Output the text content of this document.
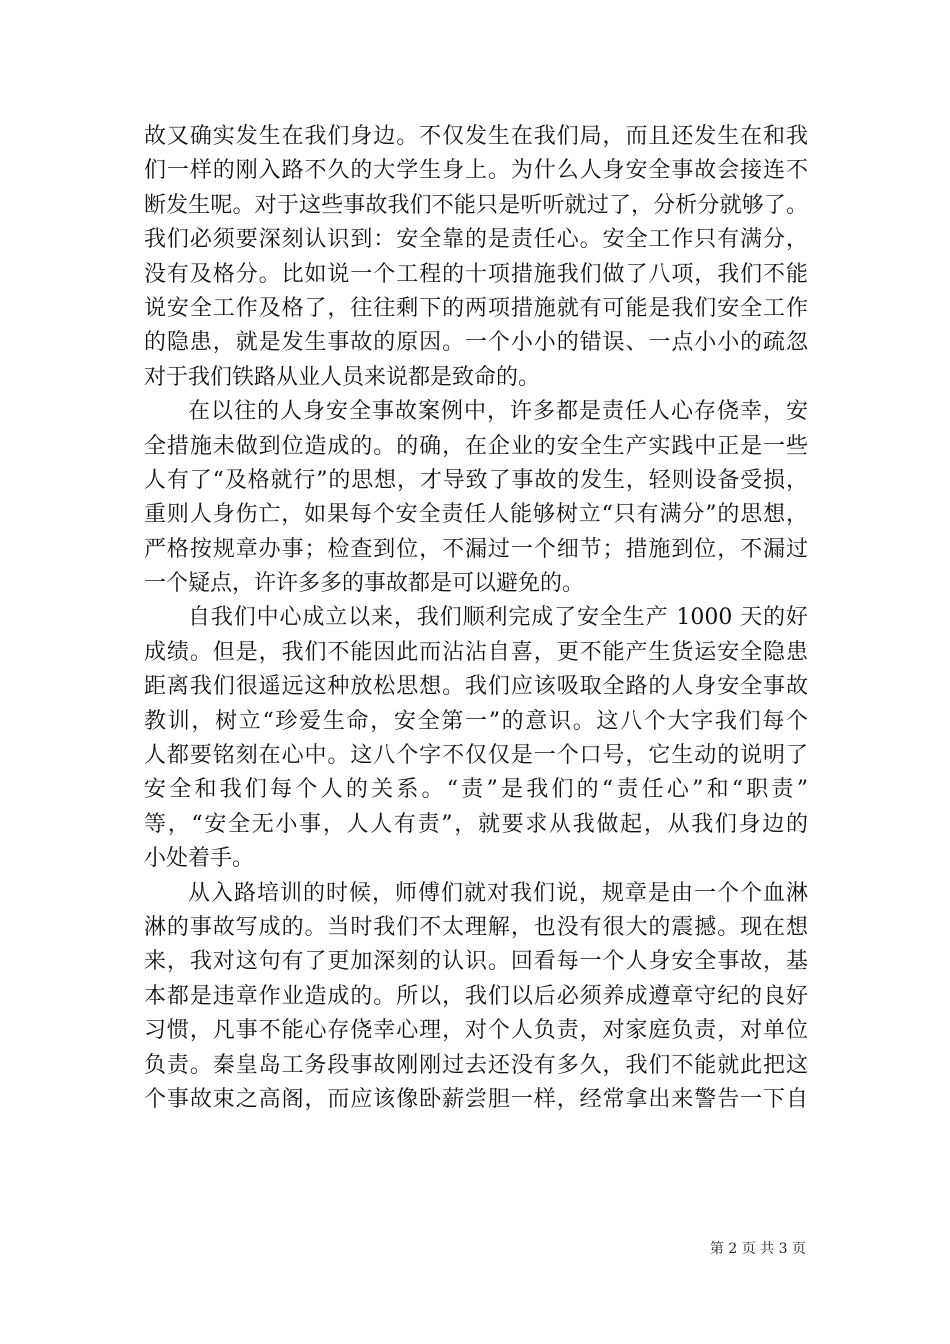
故又确实发生在我们身边。不仅发生在我们局，而且还发生在和我
们一样的刚入路不久的大学生身上。为什么人身安全事故会接连不
断发生呢。对于这些事故我们不能只是听听就过了，分析分就够了。
我们必须要深刻认识到：安全靠的是责任心。安全工作只有满分，
没有及格分。比如说一个工程的十项措施我们做了八项，我们不能
说安全工作及格了，往往剩下的两项措施就有可能是我们安全工作
的隐患，就是发生事故的原因。一个小小的错误、一点小小的疏忽
对于我们铁路从业人员来说都是致命的。
在以往的人身安全事故案例中，许多都是责任人心存侥幸，安
全措施未做到位造成的。的确，在企业的安全生产实践中正是一些
人有了“及格就行”的思想，才导致了事故的发生，轻则设备受损，
重则人身伤亡，如果每个安全责任人能够树立“只有满分”的思想，
严格按规章办事；检查到位，不漏过一个细节；措施到位，不漏过
一个疑点，许许多多的事故都是可以避免的。
自我们中心成立以来，我们顺利完成了安全生产 1000 天的好
成绩。但是，我们不能因此而沾沾自喜，更不能产生货运安全隐患
距离我们很遥远这种放松思想。我们应该吸取全路的人身安全事故
教训，树立“珍爱生命，安全第一”的意识。这八个大字我们每个
人都要铭刻在心中。这八个字不仅仅是一个口号，它生动的说明了
安全和我们每个人的关系。“责”是我们的“责任心”和“职责”
等，“安全无小事，人人有责”，就要求从我做起，从我们身边的
小处着手。
从入路培训的时候，师傅们就对我们说，规章是由一个个血淋
淋的事故写成的。当时我们不太理解，也没有很大的震撼。现在想
来，我对这句有了更加深刻的认识。回看每一个人身安全事故，基
本都是违章作业造成的。所以，我们以后必须养成遵章守纪的良好
习惯，凡事不能心存侥幸心理，对个人负责，对家庭负责，对单位
负责。秦皇岛工务段事故刚刚过去还没有多久，我们不能就此把这
个事故束之高阁，而应该像卧薪尝胆一样，经常拿出来警告一下自
第 2 页 共 3 页
